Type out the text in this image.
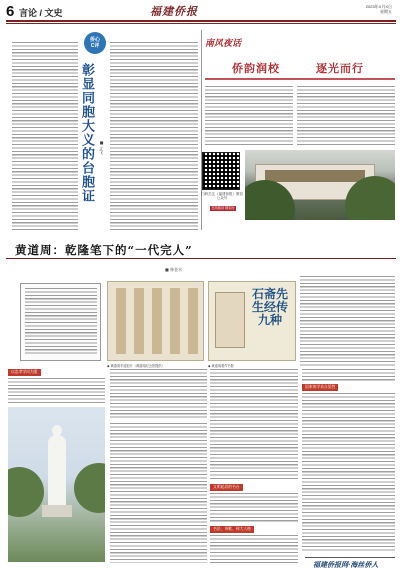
6 言论 / 文史	福建侨报	2023年X月X日
星期五
侨心
C评
彰显同胞大义的台胞证 ■ 文飞
南风夜话
侨韵润校	逐光而行
扫码关注《福建侨报》微信公众号
在线阅读 精彩纷呈
黄道周：乾隆笔下的“一代完人”
■ 林金水
◆ 黄道周手迹拓片（黄道周纪念馆提供）
石斋先生经传九种
◆ 黄道周著作书影
以忠孝学问为重
文明起居的书台
书法、诗歌、伟大人格
国家的学术自觉性
福建侨报网·海丝侨人
